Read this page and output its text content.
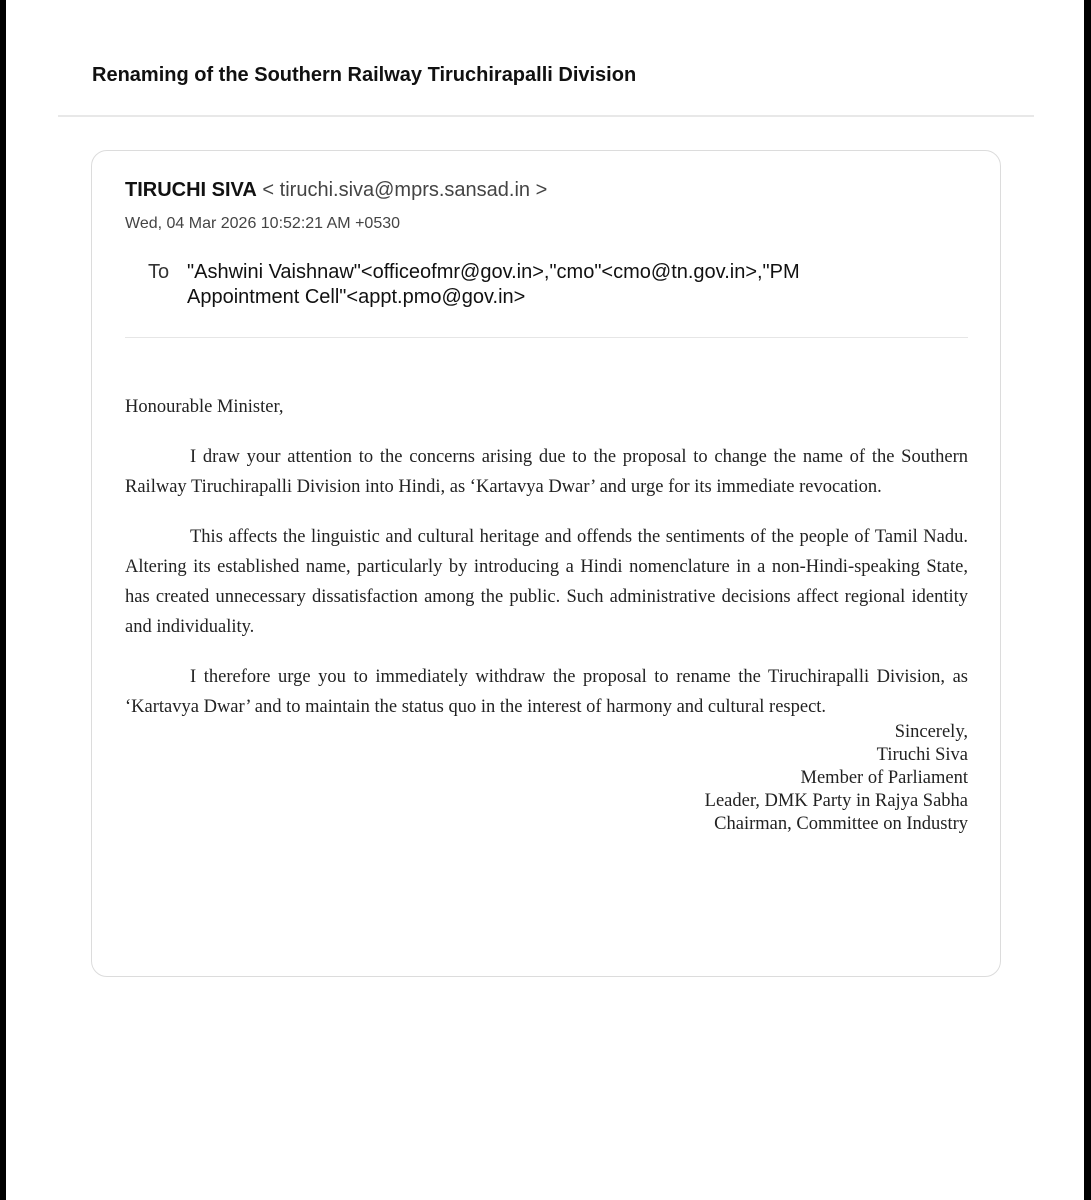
Renaming of the Southern Railway Tiruchirapalli Division
TIRUCHI SIVA < tiruchi.siva@mprs.sansad.in >
Wed, 04 Mar 2026 10:52:21 AM +0530
To "Ashwini Vaishnaw"<officeofmr@gov.in>,"cmo"<cmo@tn.gov.in>,"PM Appointment Cell"<appt.pmo@gov.in>

Honourable Minister,

I draw your attention to the concerns arising due to the proposal to change the name of the Southern Railway Tiruchirapalli Division into Hindi, as ‘Kartavya Dwar’ and urge for its immediate revocation.

This affects the linguistic and cultural heritage and offends the sentiments of the people of Tamil Nadu. Altering its established name, particularly by introducing a Hindi nomenclature in a non-Hindi-speaking State, has created unnecessary dissatisfaction among the public. Such administrative decisions affect regional identity and individuality.

I therefore urge you to immediately withdraw the proposal to rename the Tiruchirapalli Division, as ‘Kartavya Dwar’ and to maintain the status quo in the interest of harmony and cultural respect.

Sincerely,
Tiruchi Siva
Member of Parliament
Leader, DMK Party in Rajya Sabha
Chairman, Committee on Industry
